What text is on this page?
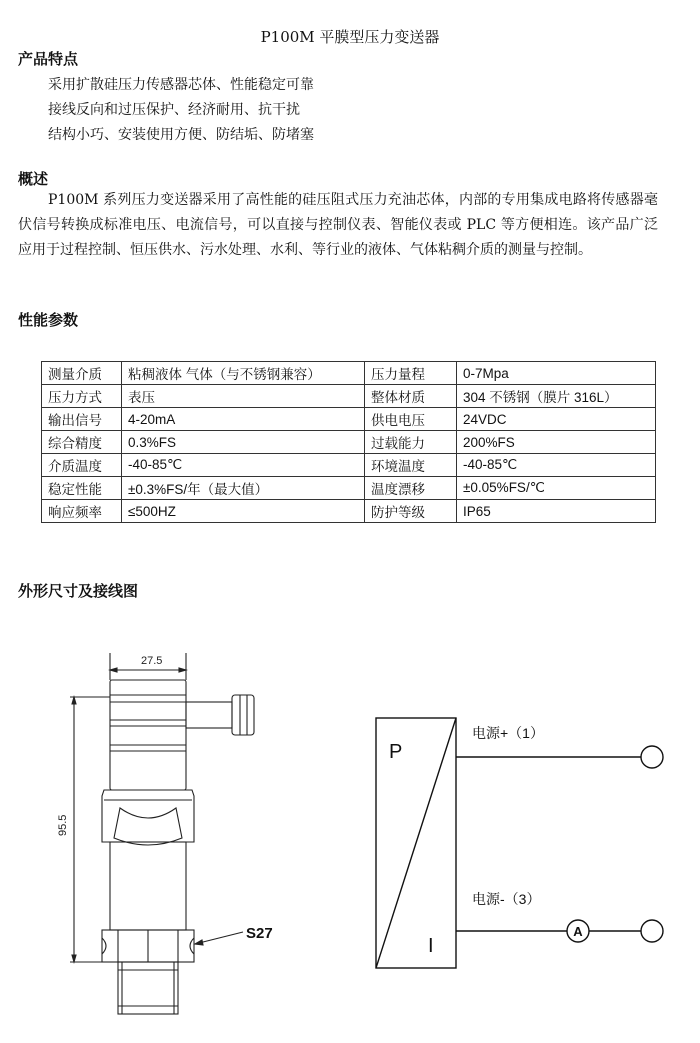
P100M 平膜型压力变送器
产品特点
采用扩散硅压力传感器芯体、性能稳定可靠
接线反向和过压保护、经济耐用、抗干扰
结构小巧、安装使用方便、防结垢、防堵塞
概述
P100M 系列压力变送器采用了高性能的硅压阻式压力充油芯体，内部的专用集成电路将传感器毫伏信号转换成标准电压、电流信号，可以直接与控制仪表、智能仪表或 PLC 等方便相连。该产品广泛应用于过程控制、恒压供水、污水处理、水利、等行业的液体、气体粘稠介质的测量与控制。
性能参数
测量介质	粘稠液体 气体（与不锈钢兼容）	压力量程	0-7Mpa
压力方式	表压	整体材质	304 不锈钢（膜片 316L）
输出信号	4-20mA	供电电压	24VDC
综合精度	0.3%FS	过载能力	200%FS
介质温度	-40-85℃	环境温度	-40-85℃
稳定性能	±0.3%FS/年（最大值）	温度漂移	±0.05%FS/℃
响应频率	≤500HZ	防护等级	IP65
外形尺寸及接线图
27.5
95.5
S27
P
I
电源+（1）
电源-（3）
A
